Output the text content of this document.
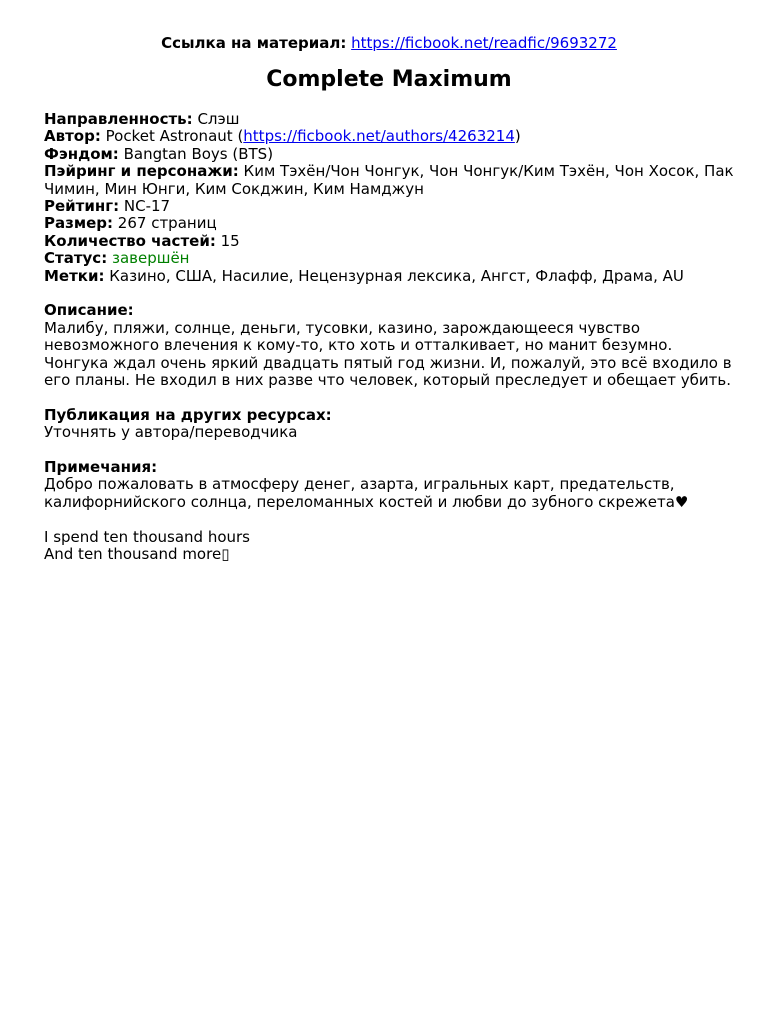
Ссылка на материал: https://ficbook.net/readfic/9693272

Complete Maximum

Направленность: Слэш

Автор: Pocket Astronaut (https://ficbook.net/authors/4263214)

Фэндом: Bangtan Boys (BTS)

Пэйринг и персонажи: Ким Тэхён/Чон Чонгук, Чон Чонгук/Ким Тэхён, Чон Хосок, Пак Чимин, Мин Юнги, Ким Сокджин, Ким Намджун

Рейтинг: NC-17

Размер: 267 страниц

Количество частей: 15

Статус: завершён

Метки: Казино, США, Насилие, Нецензурная лексика, Ангст, Флафф, Драма, AU

Описание:

Малибу, пляжи, солнце, деньги, тусовки, казино, зарождающееся чувство невозможного влечения к кому-то, кто хоть и отталкивает, но манит безумно. Чонгука ждал очень яркий двадцать пятый год жизни. И, пожалуй, это всё входило в его планы. Не входил в них разве что человек, который преследует и обещает убить.

Публикация на других ресурсах:

Уточнять у автора/переводчика

Примечания:

Добро пожаловать в атмосферу денег, азарта, игральных карт, предательств, калифорнийского солнца, переломанных костей и любви до зубного скрежета♥

I spend ten thousand hours

And ten thousand more▯
